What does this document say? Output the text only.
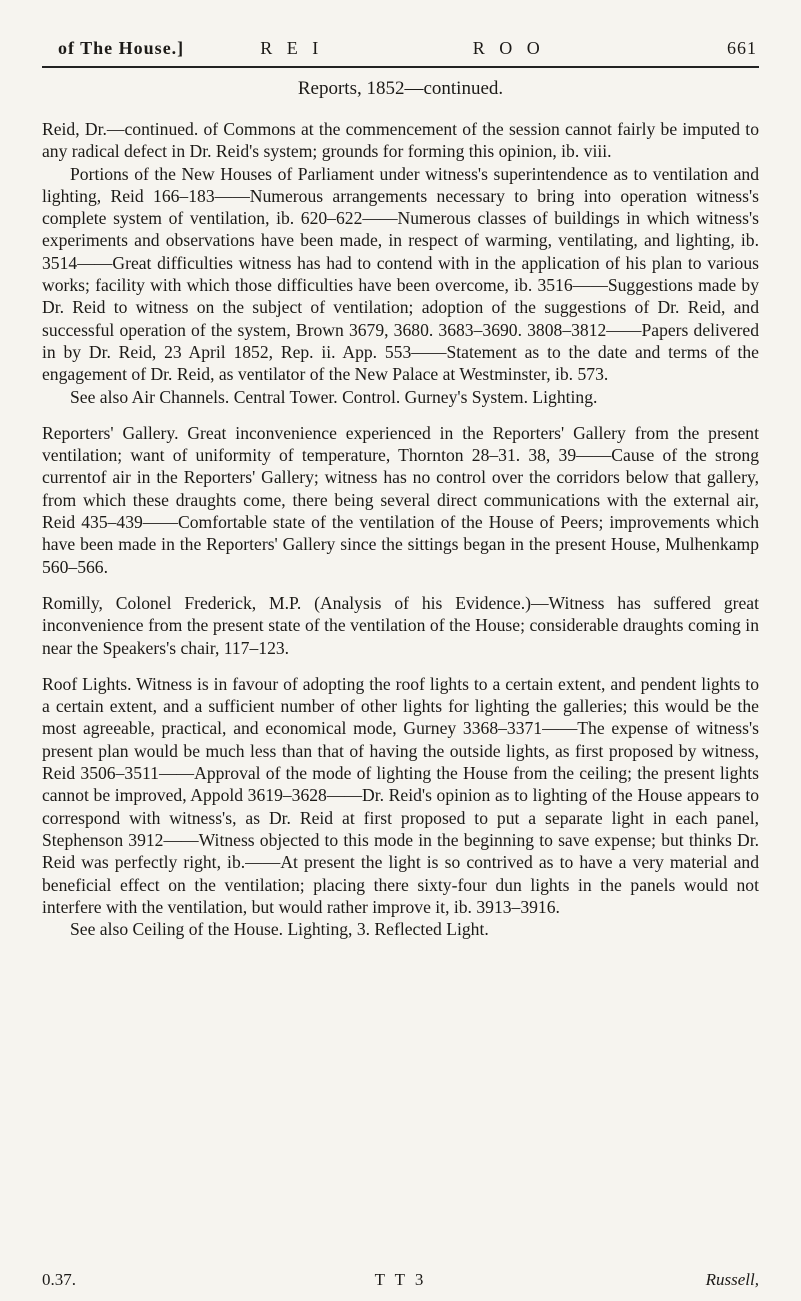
of The House.]	R E I	R O O	661
Reports, 1852—continued.

Reid, Dr.—continued. of Commons at the commencement of the session cannot fairly be imputed to any radical defect in Dr. Reid's system; grounds for forming this opinion, ib. viii.

Portions of the New Houses of Parliament under witness's superintendence as to ventilation and lighting, Reid 166–183——Numerous arrangements necessary to bring into operation witness's complete system of ventilation, ib. 620–622——Numerous classes of buildings in which witness's experiments and observations have been made, in respect of warming, ventilating, and lighting, ib. 3514——Great difficulties witness has had to contend with in the application of his plan to various works; facility with which those difficulties have been overcome, ib. 3516——Suggestions made by Dr. Reid to witness on the subject of ventilation; adoption of the suggestions of Dr. Reid, and successful operation of the system, Brown 3679, 3680. 3683–3690. 3808–3812——Papers delivered in by Dr. Reid, 23 April 1852, Rep. ii. App. 553——Statement as to the date and terms of the engagement of Dr. Reid, as ventilator of the New Palace at Westminster, ib. 573.

See also Air Channels. Central Tower. Control. Gurney's System. Lighting.

Reporters' Gallery. Great inconvenience experienced in the Reporters' Gallery from the present ventilation; want of uniformity of temperature, Thornton 28–31. 38, 39——Cause of the strong currentof air in the Reporters' Gallery; witness has no control over the corridors below that gallery, from which these draughts come, there being several direct communications with the external air, Reid 435–439——Comfortable state of the ventilation of the House of Peers; improvements which have been made in the Reporters' Gallery since the sittings began in the present House, Mulhenkamp 560–566.

Romilly, Colonel Frederick, M.P. (Analysis of his Evidence.)—Witness has suffered great inconvenience from the present state of the ventilation of the House; considerable draughts coming in near the Speakers's chair, 117–123.

Roof Lights. Witness is in favour of adopting the roof lights to a certain extent, and pendent lights to a certain extent, and a sufficient number of other lights for lighting the galleries; this would be the most agreeable, practical, and economical mode, Gurney 3368–3371——The expense of witness's present plan would be much less than that of having the outside lights, as first proposed by witness, Reid 3506–3511——Approval of the mode of lighting the House from the ceiling; the present lights cannot be improved, Appold 3619–3628——Dr. Reid's opinion as to lighting of the House appears to correspond with witness's, as Dr. Reid at first proposed to put a separate light in each panel, Stephenson 3912——Witness objected to this mode in the beginning to save expense; but thinks Dr. Reid was perfectly right, ib.——At present the light is so contrived as to have a very material and beneficial effect on the ventilation; placing there sixty-four dun lights in the panels would not interfere with the ventilation, but would rather improve it, ib. 3913–3916.

See also Ceiling of the House. Lighting, 3. Reflected Light.

0.37.	T T 3	Russell,
